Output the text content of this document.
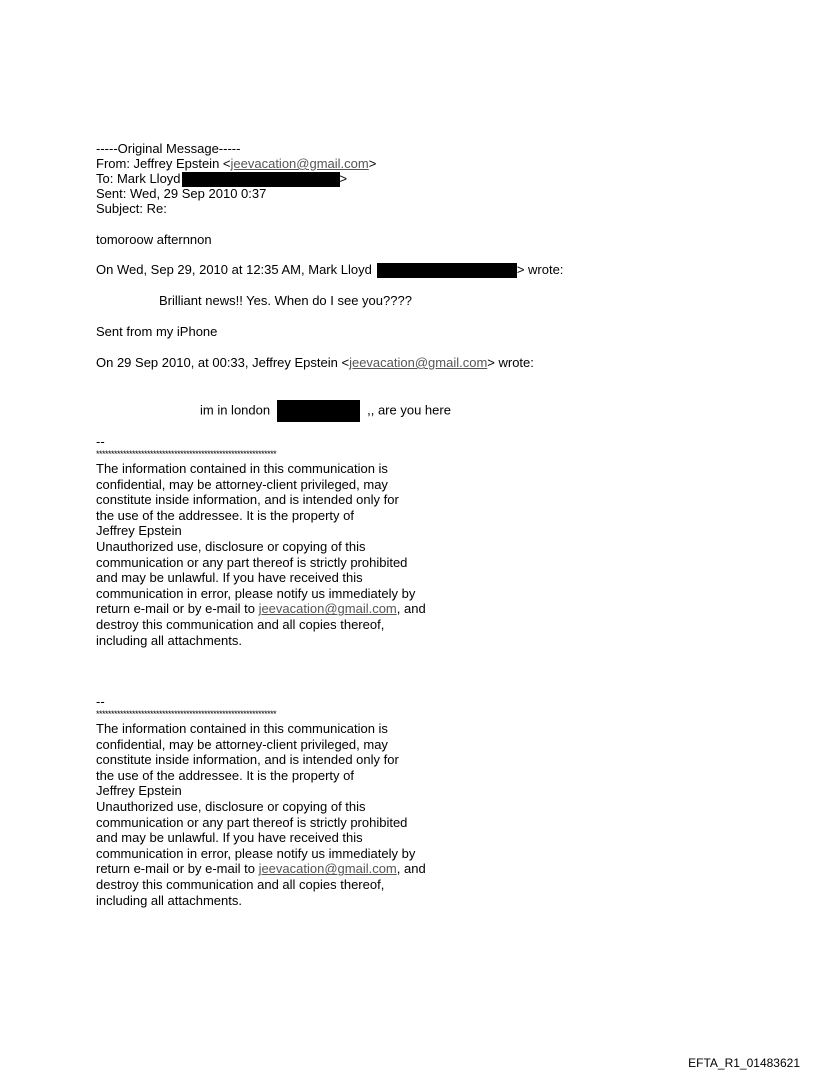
-----Original Message-----
From: Jeffrey Epstein <jeevacation@gmail.com>
To: Mark Lloyd	>
Sent: Wed, 29 Sep 2010 0:37
Subject: Re:
tomoroow afternnon
On Wed, Sep 29, 2010 at 12:35 AM, Mark Lloyd	> wrote:
Brilliant news!! Yes. When do I see you????
Sent from my iPhone
On 29 Sep 2010, at 00:33, Jeffrey Epstein <jeevacation@gmail.com> wrote:
im in london	,, are you here
--
************************************************************
The information contained in this communication is
confidential, may be attorney-client privileged, may
constitute inside information, and is intended only for
the use of the addressee. It is the property of
Jeffrey Epstein
Unauthorized use, disclosure or copying of this
communication or any part thereof is strictly prohibited
and may be unlawful. If you have received this
communication in error, please notify us immediately by
return e-mail or by e-mail to jeevacation@gmail.com, and
destroy this communication and all copies thereof,
including all attachments.
--
************************************************************
The information contained in this communication is
confidential, may be attorney-client privileged, may
constitute inside information, and is intended only for
the use of the addressee. It is the property of
Jeffrey Epstein
Unauthorized use, disclosure or copying of this
communication or any part thereof is strictly prohibited
and may be unlawful. If you have received this
communication in error, please notify us immediately by
return e-mail or by e-mail to jeevacation@gmail.com, and
destroy this communication and all copies thereof,
including all attachments.
EFTA_R1_01483621
